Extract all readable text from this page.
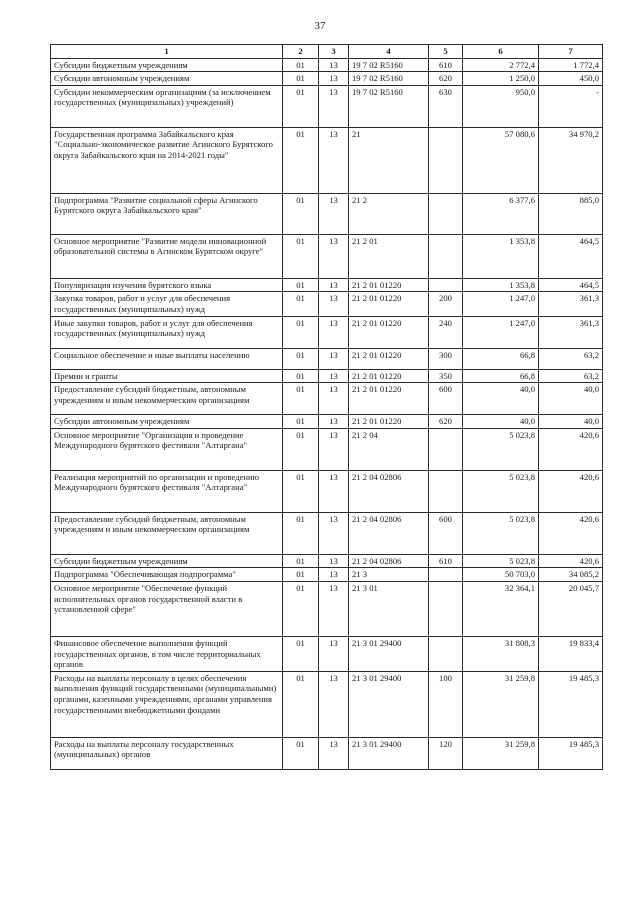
37
1	2	3	4	5	6	7
Субсидии бюджетным учреждениям	01	13	19 7 02 R5160	610	2 772,4	1 772,4
Субсидии автономным учреждениям	01	13	19 7 02 R5160	620	1 250,0	450,0
Субсидии некоммерческим организациям (за исключением государственных (муниципальных) учреждений)	01	13	19 7 02 R5160	630	950,0	-
Государственная программа Забайкальского края "Социально-экономическое развитие Агинского Бурятского округа Забайкальского края на 2014-2021 годы"	01	13	21		57 080,6	34 970,2
Подпрограмма "Развитие социальной сферы Агинского Бурятского округа Забайкальского края"	01	13	21 2		6 377,6	885,0
Основное мероприятие "Развитие модели инновационной образовательной системы в Агинском Бурятском округе"	01	13	21 2 01		1 353,8	464,5
Популяризация изучения бурятского языка	01	13	21 2 01 01220		1 353,8	464,5
Закупка товаров, работ и услуг для обеспечения государственных (муниципальных) нужд	01	13	21 2 01 01220	200	1 247,0	361,3
Иные закупки товаров, работ и услуг для обеспечения государственных (муниципальных) нужд	01	13	21 2 01 01220	240	1 247,0	361,3
Социальное обеспечение и иные выплаты населению	01	13	21 2 01 01220	300	66,8	63,2
Премии и гранты	01	13	21 2 01 01220	350	66,8	63,2
Предоставление субсидий бюджетным, автономным учреждениям и иным некоммерческим организациям	01	13	21 2 01 01220	600	40,0	40,0
Субсидии автономным учреждениям	01	13	21 2 01 01220	620	40,0	40,0
Основное мероприятие "Организация и проведение Международного бурятского фестиваля "Алтаргана"	01	13	21 2 04		5 023,8	420,6
Реализация мероприятий по организации и проведению Международного бурятского фестиваля "Алтаргана"	01	13	21 2 04 02806		5 023,8	420,6
Предоставление субсидий бюджетным, автономным учреждениям и иным некоммерческим организациям	01	13	21 2 04 02806	600	5 023,8	420,6
Субсидии бюджетным учреждениям	01	13	21 2 04 02806	610	5 023,8	420,6
Подпрограмма "Обеспечивающая подпрограмма"	01	13	21 3		50 703,0	34 085,2
Основное мероприятие "Обеспечение функций исполнительных органов государственной власти в установленной сфере"	01	13	21 3 01		32 364,1	20 045,7
Финансовое обеспечение выполнения функций государственных органов, в том числе территориальных органов	01	13	21 3 01 29400		31 808,3	19 833,4
Расходы на выплаты персоналу в целях обеспечения выполнения функций государственными (муниципальными) органами, казенными учреждениями, органами управления государственными внебюджетными фондами	01	13	21 3 01 29400	100	31 259,8	19 485,3
Расходы на выплаты персоналу государственных (муниципальных) органов	01	13	21 3 01 29400	120	31 259,8	19 485,3
